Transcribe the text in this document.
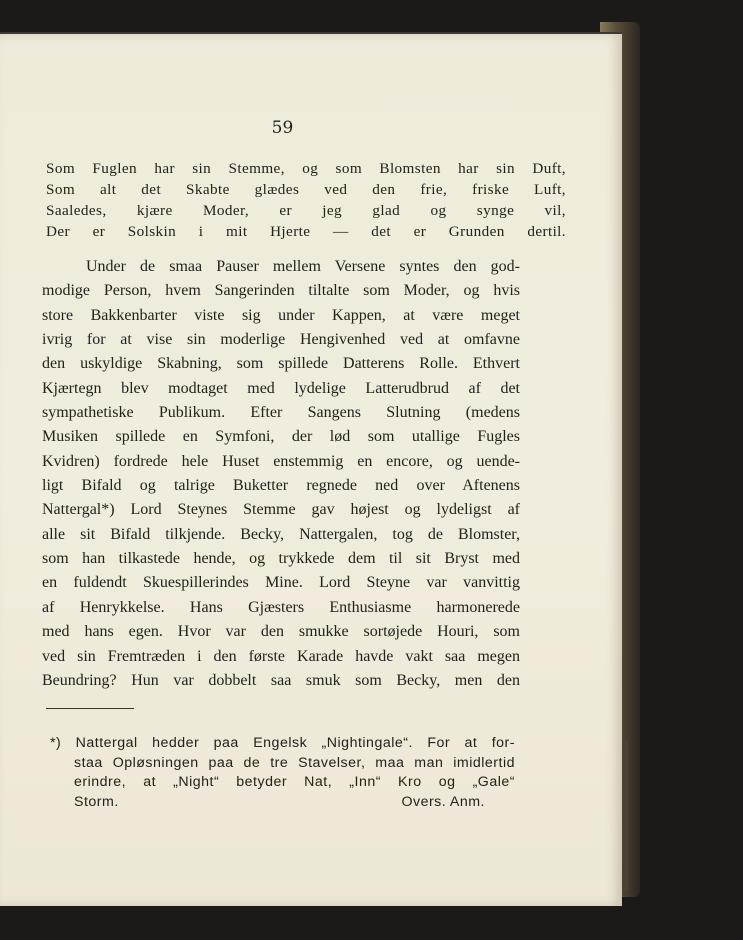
59
Som Fuglen har sin Stemme, og som Blomsten har sin Duft,
Som alt det Skabte glædes ved den frie, friske Luft,
Saaledes, kjære Moder, er jeg glad og synge vil,
Der er Solskin i mit Hjerte — det er Grunden dertil.
Under de smaa Pauser mellem Versene syntes den god-
modige Person, hvem Sangerinden tiltalte som Moder, og hvis
store Bakkenbarter viste sig under Kappen, at være meget
ivrig for at vise sin moderlige Hengivenhed ved at omfavne
den uskyldige Skabning, som spillede Datterens Rolle. Ethvert
Kjærtegn blev modtaget med lydelige Latterudbrud af det
sympathetiske Publikum. Efter Sangens Slutning (medens
Musiken spillede en Symfoni, der lød som utallige Fugles
Kvidren) fordrede hele Huset enstemmig en encore, og uende-
ligt Bifald og talrige Buketter regnede ned over Aftenens
Nattergal*) Lord Steynes Stemme gav højest og lydeligst af
alle sit Bifald tilkjende. Becky, Nattergalen, tog de Blomster,
som han tilkastede hende, og trykkede dem til sit Bryst med
en fuldendt Skuespillerindes Mine. Lord Steyne var vanvittig
af Henrykkelse. Hans Gjæsters Enthusiasme harmonerede
med hans egen. Hvor var den smukke sortøjede Houri, som
ved sin Fremtræden i den første Karade havde vakt saa megen
Beundring? Hun var dobbelt saa smuk som Becky, men den
*) Nattergal hedder paa Engelsk „Nightingale“. For at for-
staa Opløsningen paa de tre Stavelser, maa man imidlertid
erindre, at „Night“ betyder Nat, „Inn“ Kro og „Gale“
Storm.	Overs. Anm.
